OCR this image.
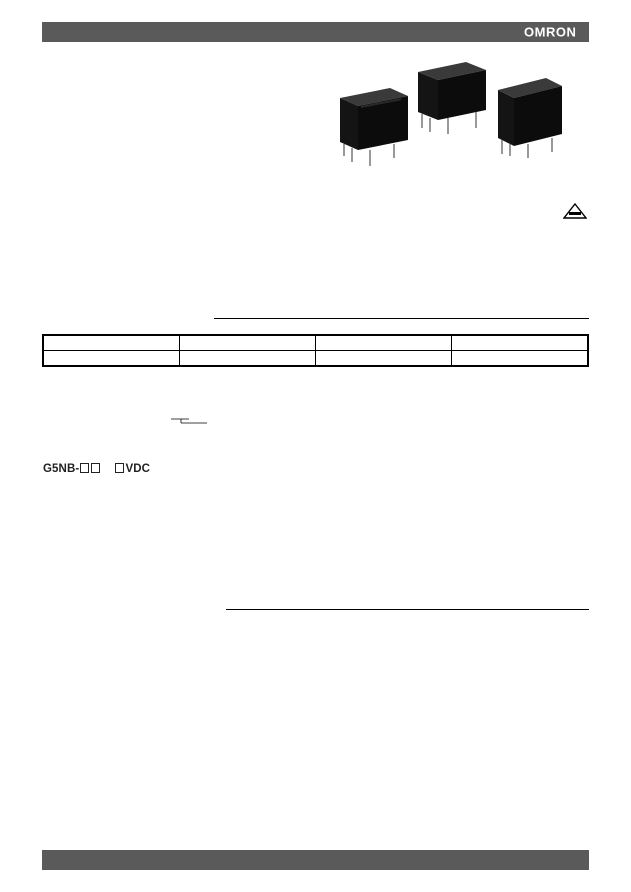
OMRON

G5NB-	VDC
